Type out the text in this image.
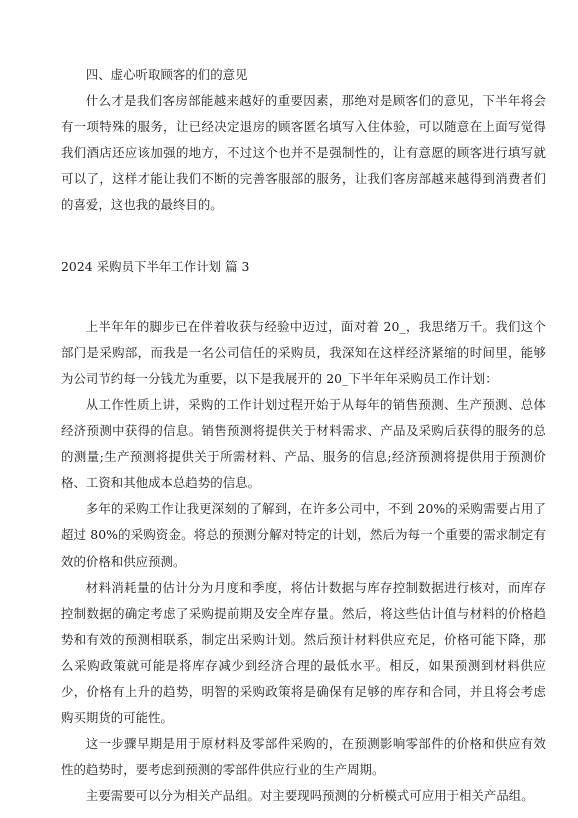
四、虚心听取顾客的们的意见

什么才是我们客房部能越来越好的重要因素，那绝对是顾客们的意见，下半年将会有一项特殊的服务，让已经决定退房的顾客匿名填写入住体验，可以随意在上面写觉得我们酒店还应该加强的地方，不过这个也并不是强制性的，让有意愿的顾客进行填写就可以了，这样才能让我们不断的完善客服部的服务，让我们客房部越来越得到消费者们的喜爱，这也我的最终目的。

2024 采购员下半年工作计划 篇 3

上半年年的脚步已在伴着收获与经验中迈过，面对着 20_，我思绪万千。我们这个部门是采购部，而我是一名公司信任的采购员，我深知在这样经济紧缩的时间里，能够为公司节约每一分钱尤为重要，以下是我展开的 20_下半年年采购员工作计划：

从工作性质上讲，采购的工作计划过程开始于从每年的销售预测、生产预测、总体经济预测中获得的信息。销售预测将提供关于材料需求、产品及采购后获得的服务的总的测量;生产预测将提供关于所需材料、产品、服务的信息;经济预测将提供用于预测价格、工资和其他成本总趋势的信息。

多年的采购工作让我更深刻的了解到，在许多公司中，不到 20%的采购需要占用了超过 80%的采购资金。将总的预测分解对特定的计划，然后为每一个重要的需求制定有效的价格和供应预测。

材料消耗量的估计分为月度和季度，将估计数据与库存控制数据进行核对，而库存控制数据的确定考虑了采购提前期及安全库存量。然后，将这些估计值与材料的价格趋势和有效的预测相联系，制定出采购计划。然后预计材料供应充足，价格可能下降，那么采购政策就可能是将库存减少到经济合理的最低水平。相反，如果预测到材料供应少，价格有上升的趋势，明智的采购政策将是确保有足够的库存和合同，并且将会考虑购买期货的可能性。

这一步骤早期是用于原材料及零部件采购的，在预测影响零部件的价格和供应有效性的趋势时，要考虑到预测的零部件供应行业的生产周期。

主要需要可以分为相关产品组。对主要现吗预测的分析模式可应用于相关产品组。
